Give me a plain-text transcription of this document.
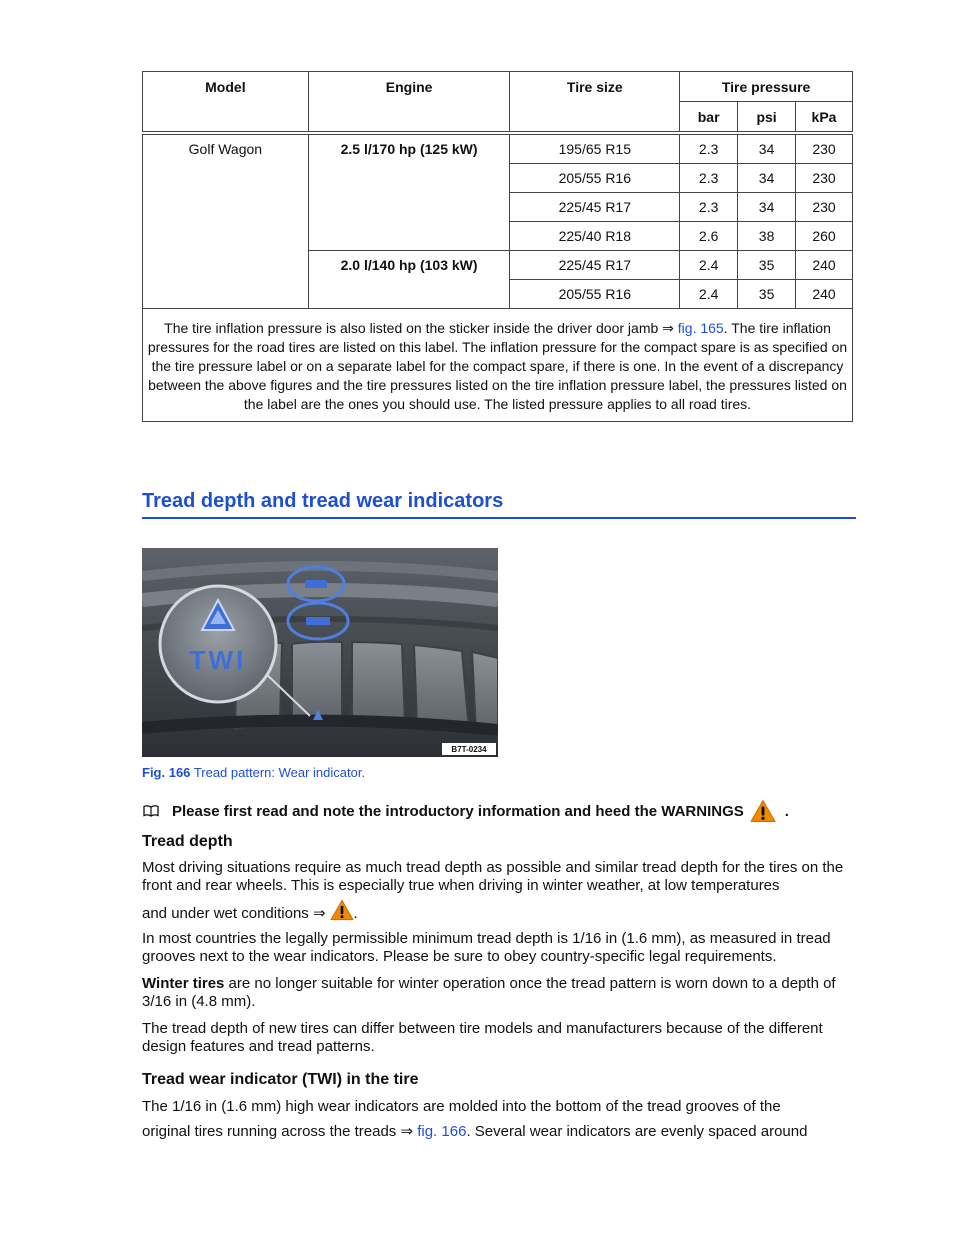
Model	Engine	Tire size	Tire pressure		
			bar	psi	kPa
Golf Wagon	2.5 l/170 hp (125 kW)	195/65 R15	2.3	34	230
		205/55 R16	2.3	34	230
		225/45 R17	2.3	34	230
		225/40 R18	2.6	38	260
	2.0 l/140 hp (103 kW)	225/45 R17	2.4	35	240
		205/55 R16	2.4	35	240
The tire inflation pressure is also listed on the sticker inside the driver door jamb ⇒ fig. 165. The tire inflation pressures for the road tires are listed on this label. The inflation pressure for the compact spare is as specified on the tire pressure label or on a separate label for the compact spare, if there is one. In the event of a discrepancy between the above figures and the tire pressures listed on the tire inflation pressure label, the pressures listed on the label are the ones you should use. The listed pressure applies to all road tires.					
Tread depth and tread wear indicators
TWI
B7T-0234
Fig. 166 Tread pattern: Wear indicator.
Please first read and note the introductory information and heed the WARNINGS	.
Tread depth
Most driving situations require as much tread depth as possible and similar tread depth for the tires on the front and rear wheels. This is especially true when driving in winter weather, at low temperatures
and under wet conditions ⇒ .
In most countries the legally permissible minimum tread depth is 1/16 in (1.6 mm), as measured in tread grooves next to the wear indicators. Please be sure to obey country-specific legal requirements.
Winter tires are no longer suitable for winter operation once the tread pattern is worn down to a depth of 3/16 in (4.8 mm).
The tread depth of new tires can differ between tire models and manufacturers because of the different design features and tread patterns.
Tread wear indicator (TWI) in the tire
The 1/16 in (1.6 mm) high wear indicators are molded into the bottom of the tread grooves of the
original tires running across the treads ⇒ fig. 166. Several wear indicators are evenly spaced around
